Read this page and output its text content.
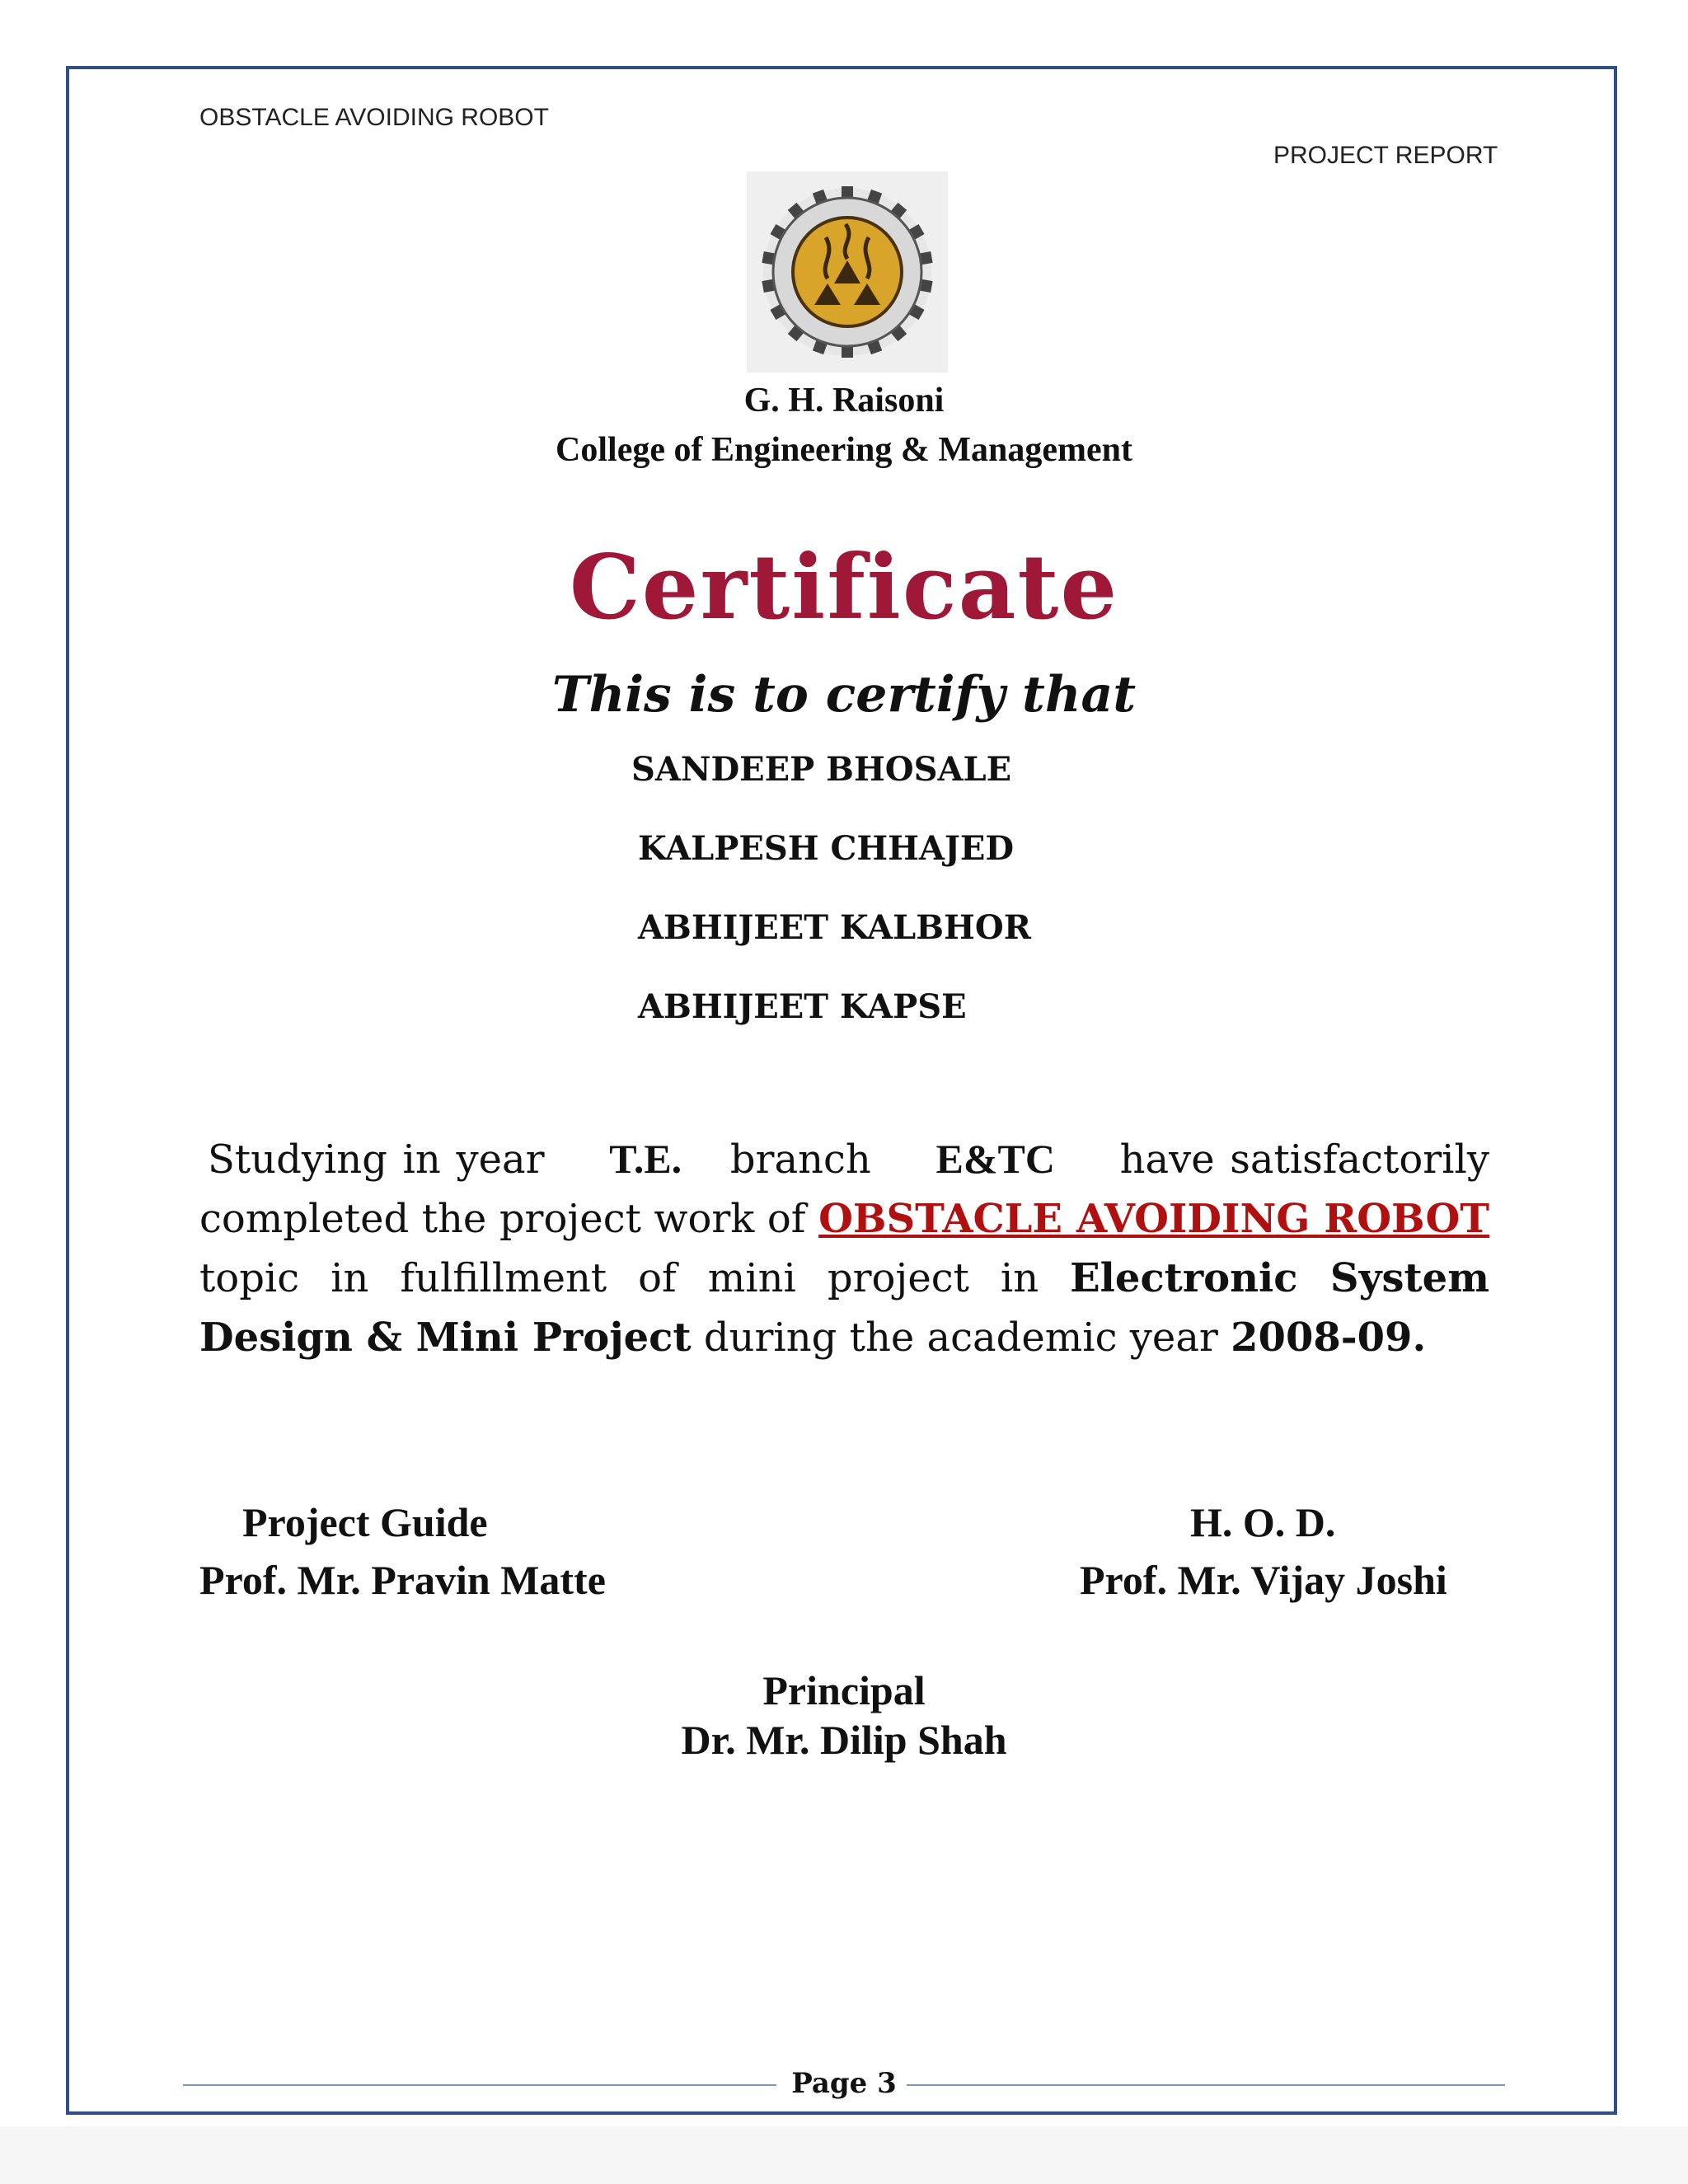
OBSTACLE AVOIDING ROBOT
PROJECT REPORT
G. H. Raisoni
College of Engineering & Management
Certificate
This is to certify that
SANDEEP BHOSALE
KALPESH CHHAJED
ABHIJEET KALBHOR
ABHIJEET KAPSE
Studying in year T.E. branch E&TC have satisfactorily completed the project work of OBSTACLE AVOIDING ROBOT topic in fulfillment of mini project in Electronic System Design & Mini Project during the academic year 2008-09.
Project Guide
Prof. Mr. Pravin Matte
H. O. D.
Prof. Mr. Vijay Joshi
Principal
Dr. Mr. Dilip Shah
Page 3
